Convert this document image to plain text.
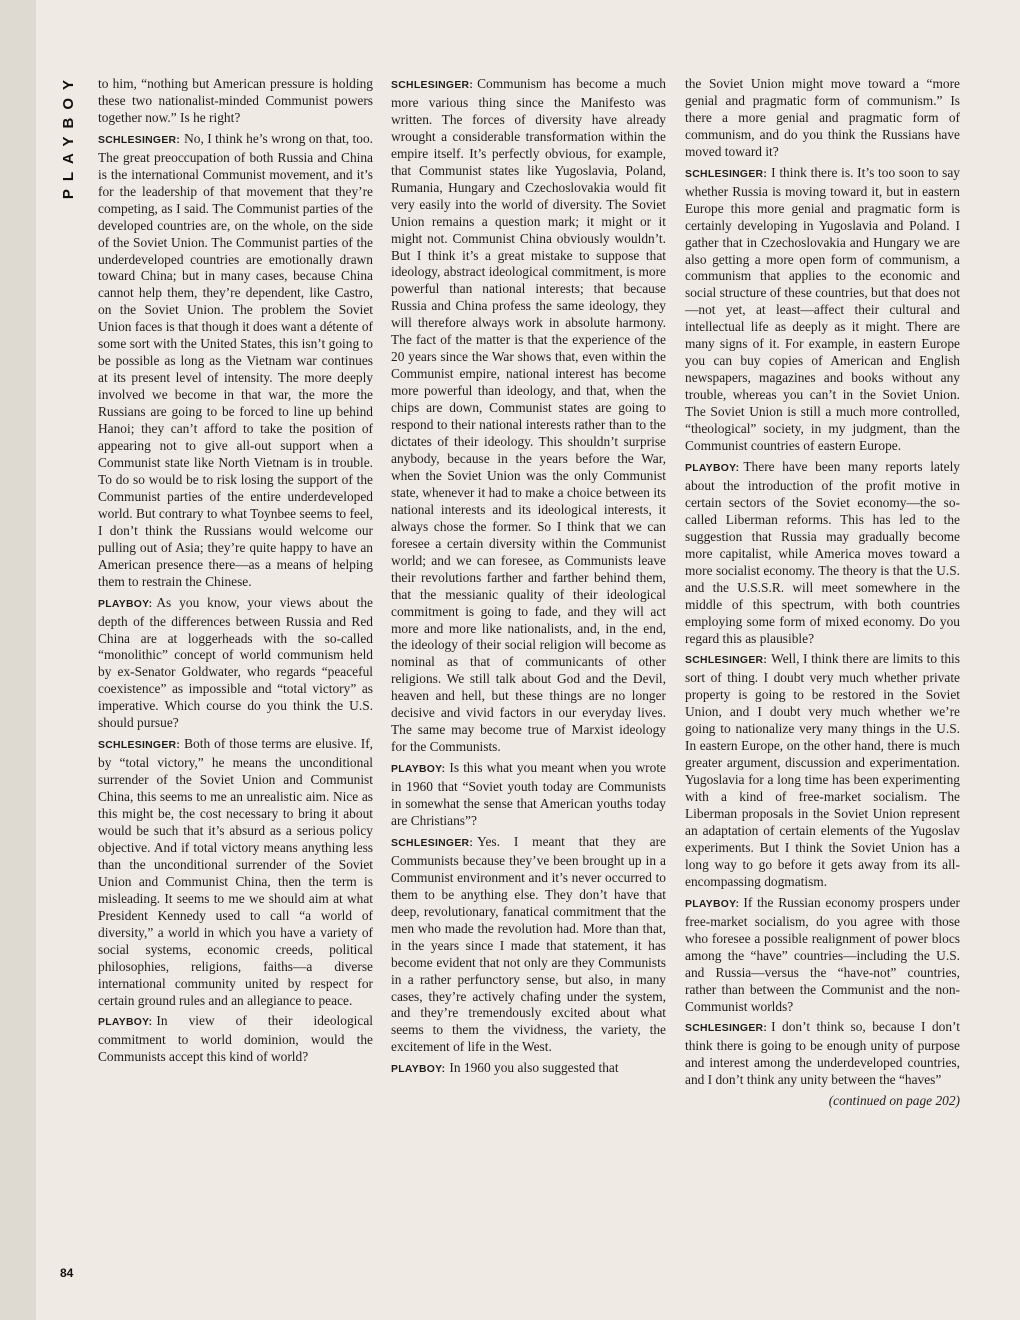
PLAYBOY to him, “nothing but American pressure is holding these two nationalist-minded Communist powers together now.” Is he right?

SCHLESINGER: No, I think he’s wrong on that, too. The great preoccupation of both Russia and China is the international Communist movement, and it’s for the leadership of that movement that they’re competing, as I said. The Communist parties of the developed countries are, on the whole, on the side of the Soviet Union. The Communist parties of the underdeveloped countries are emotionally drawn toward China; but in many cases, because China cannot help them, they’re dependent, like Castro, on the Soviet Union. The problem the Soviet Union faces is that though it does want a détente of some sort with the United States, this isn’t going to be possible as long as the Vietnam war continues at its present level of intensity. The more deeply involved we become in that war, the more the Russians are going to be forced to line up behind Hanoi; they can’t afford to take the position of appearing not to give all-out support when a Communist state like North Vietnam is in trouble. To do so would be to risk losing the support of the Communist parties of the entire underdeveloped world. But contrary to what Toynbee seems to feel, I don’t think the Russians would welcome our pulling out of Asia; they’re quite happy to have an American presence there—as a means of helping them to restrain the Chinese.

PLAYBOY: As you know, your views about the depth of the differences between Russia and Red China are at loggerheads with the so-called “monolithic” concept of world communism held by ex-Senator Goldwater, who regards “peaceful coexistence” as impossible and “total victory” as imperative. Which course do you think the U.S. should pursue?

SCHLESINGER: Both of those terms are elusive. If, by “total victory,” he means the unconditional surrender of the Soviet Union and Communist China, this seems to me an unrealistic aim. Nice as this might be, the cost necessary to bring it about would be such that it’s absurd as a serious policy objective. And if total victory means anything less than the unconditional surrender of the Soviet Union and Communist China, then the term is misleading. It seems to me we should aim at what President Kennedy used to call “a world of diversity,” a world in which you have a variety of social systems, economic creeds, political philosophies, religions, faiths—a diverse international community united by respect for certain ground rules and an allegiance to peace.

PLAYBOY: In view of their ideological commitment to world dominion, would the Communists accept this kind of world?

SCHLESINGER: Communism has become a much more various thing since the Manifesto was written. The forces of diversity have already wrought a considerable transformation within the empire itself. It’s perfectly obvious, for example, that Communist states like Yugoslavia, Poland, Rumania, Hungary and Czechoslovakia would fit very easily into the world of diversity. The Soviet Union remains a question mark; it might or it might not. Communist China obviously wouldn’t. But I think it’s a great mistake to suppose that ideology, abstract ideological commitment, is more powerful than national interests; that because Russia and China profess the same ideology, they will therefore always work in absolute harmony. The fact of the matter is that the experience of the 20 years since the War shows that, even within the Communist empire, national interest has become more powerful than ideology, and that, when the chips are down, Communist states are going to respond to their national interests rather than to the dictates of their ideology. This shouldn’t surprise anybody, because in the years before the War, when the Soviet Union was the only Communist state, whenever it had to make a choice between its national interests and its ideological interests, it always chose the former. So I think that we can foresee a certain diversity within the Communist world; and we can foresee, as Communists leave their revolutions farther and farther behind them, that the messianic quality of their ideological commitment is going to fade, and they will act more and more like nationalists, and, in the end, the ideology of their social religion will become as nominal as that of communicants of other religions. We still talk about God and the Devil, heaven and hell, but these things are no longer decisive and vivid factors in our everyday lives. The same may become true of Marxist ideology for the Communists.

PLAYBOY: Is this what you meant when you wrote in 1960 that “Soviet youth today are Communists in somewhat the sense that American youths today are Christians”?

SCHLESINGER: Yes. I meant that they are Communists because they’ve been brought up in a Communist environment and it’s never occurred to them to be anything else. They don’t have that deep, revolutionary, fanatical commitment that the men who made the revolution had. More than that, in the years since I made that statement, it has become evident that not only are they Communists in a rather perfunctory sense, but also, in many cases, they’re actively chafing under the system, and they’re tremendously excited about what seems to them the vividness, the variety, the excitement of life in the West.

PLAYBOY: In 1960 you also suggested that

the Soviet Union might move toward a “more genial and pragmatic form of communism.” Is there a more genial and pragmatic form of communism, and do you think the Russians have moved toward it?

SCHLESINGER: I think there is. It’s too soon to say whether Russia is moving toward it, but in eastern Europe this more genial and pragmatic form is certainly developing in Yugoslavia and Poland. I gather that in Czechoslovakia and Hungary we are also getting a more open form of communism, a communism that applies to the economic and social structure of these countries, but that does not—not yet, at least—affect their cultural and intellectual life as deeply as it might. There are many signs of it. For example, in eastern Europe you can buy copies of American and English newspapers, magazines and books without any trouble, whereas you can’t in the Soviet Union. The Soviet Union is still a much more controlled, “theological” society, in my judgment, than the Communist countries of eastern Europe.

PLAYBOY: There have been many reports lately about the introduction of the profit motive in certain sectors of the Soviet economy—the so-called Liberman reforms. This has led to the suggestion that Russia may gradually become more capitalist, while America moves toward a more socialist economy. The theory is that the U.S. and the U.S.S.R. will meet somewhere in the middle of this spectrum, with both countries employing some form of mixed economy. Do you regard this as plausible?

SCHLESINGER: Well, I think there are limits to this sort of thing. I doubt very much whether private property is going to be restored in the Soviet Union, and I doubt very much whether we’re going to nationalize very many things in the U.S. In eastern Europe, on the other hand, there is much greater argument, discussion and experimentation. Yugoslavia for a long time has been experimenting with a kind of free-market socialism. The Liberman proposals in the Soviet Union represent an adaptation of certain elements of the Yugoslav experiments. But I think the Soviet Union has a long way to go before it gets away from its all-encompassing dogmatism.

PLAYBOY: If the Russian economy prospers under free-market socialism, do you agree with those who foresee a possible realignment of power blocs among the “have” countries—including the U.S. and Russia—versus the “have-not” countries, rather than between the Communist and the non-Communist worlds?

SCHLESINGER: I don’t think so, because I don’t think there is going to be enough unity of purpose and interest among the underdeveloped countries, and I don’t think any unity between the “haves”

(continued on page 202)

84
